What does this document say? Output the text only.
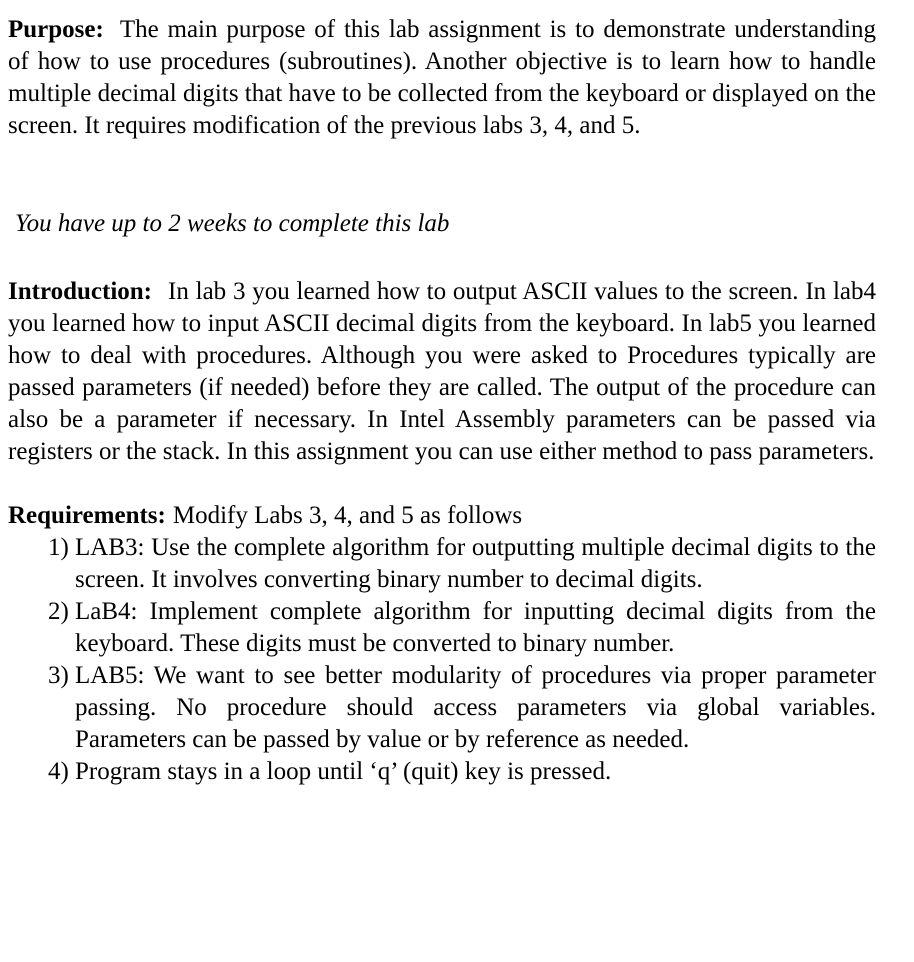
Purpose: The main purpose of this lab assignment is to demonstrate understanding of how to use procedures (subroutines). Another objective is to learn how to handle multiple decimal digits that have to be collected from the keyboard or displayed on the screen. It requires modification of the previous labs 3, 4, and 5.

You have up to 2 weeks to complete this lab

Introduction: In lab 3 you learned how to output ASCII values to the screen. In lab4 you learned how to input ASCII decimal digits from the keyboard. In lab5 you learned how to deal with procedures. Although you were asked to Procedures typically are passed parameters (if needed) before they are called. The output of the procedure can also be a parameter if necessary. In Intel Assembly parameters can be passed via registers or the stack. In this assignment you can use either method to pass parameters.

Requirements: Modify Labs 3, 4, and 5 as follows

1) LAB3: Use the complete algorithm for outputting multiple decimal digits to the screen. It involves converting binary number to decimal digits.
2) LaB4: Implement complete algorithm for inputting decimal digits from the keyboard. These digits must be converted to binary number.
3) LAB5: We want to see better modularity of procedures via proper parameter passing. No procedure should access parameters via global variables. Parameters can be passed by value or by reference as needed.
4) Program stays in a loop until ‘q’ (quit) key is pressed.
